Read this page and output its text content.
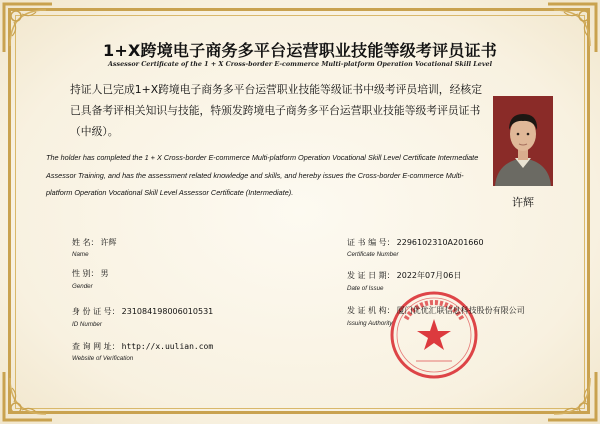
1+X跨境电子商务多平台运营职业技能等级考评员证书
Assessor Certificate of the 1 + X Cross-border E-commerce Multi-platform Operation Vocational Skill Level
持证人已完成1+X跨境电子商务多平台运营职业技能等级证书中级考评员培训，经核定已具备考评相关知识与技能，特颁发跨境电子商务多平台运营职业技能等级考评员证书（中级）。
The holder has completed the 1 + X Cross-border E-commerce Multi-platform Operation Vocational Skill Level Certificate Intermediate Assessor Training, and has the assessment related knowledge and skills, and hereby issues the Cross-border E-commerce Multi-platform Operation Vocational Skill Level Assessor Certificate (Intermediate).
许辉
姓 名： 许辉
Name
性 别： 男
Gender
身 份 证 号： 231084198006010531
ID Number
查 询 网 址： http://x.uulian.com
Website of Verification
证 书 编 号： 2296102310A201660
Certificate Number
发 证 日 期： 2022年07月06日
Date of Issue
发 证 机 构： 厦门优优汇联信息科技股份有限公司
Issuing Authority
